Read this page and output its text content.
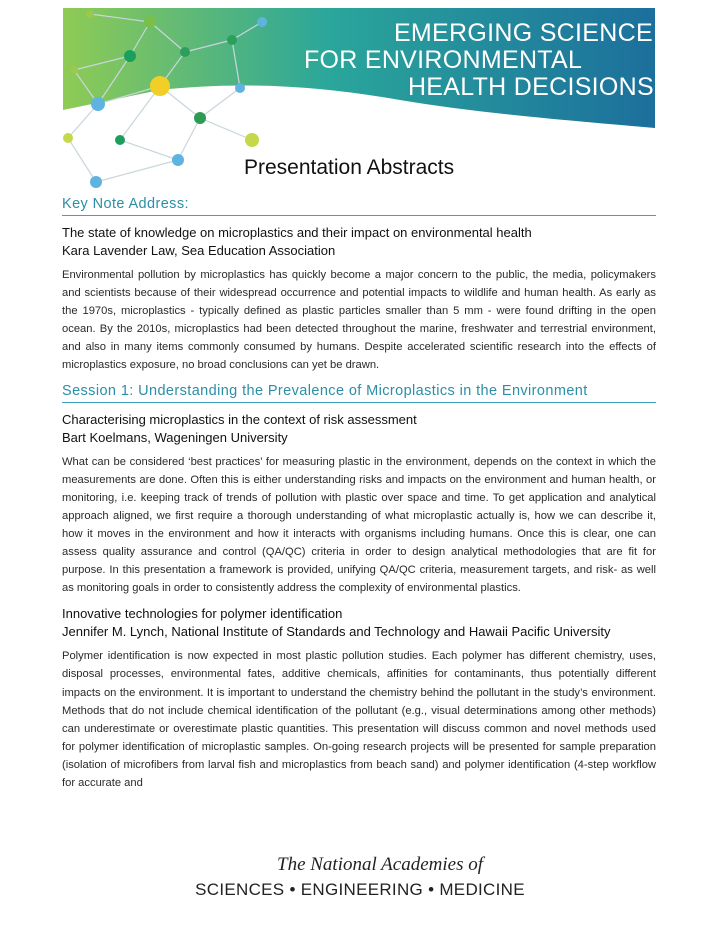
EMERGING SCIENCE
FOR ENVIRONMENTAL
HEALTH DECISIONS
Presentation Abstracts
Key Note Address:
The state of knowledge on microplastics and their impact on environmental health
Kara Lavender Law, Sea Education Association

Environmental pollution by microplastics has quickly become a major concern to the public, the media, policymakers and scientists because of their widespread occurrence and potential impacts to wildlife and human health. As early as the 1970s, microplastics - typically defined as plastic particles smaller than 5 mm - were found drifting in the open ocean. By the 2010s, microplastics had been detected throughout the marine, freshwater and terrestrial environment, and also in many items commonly consumed by humans. Despite accelerated scientific research into the effects of microplastics exposure, no broad conclusions can yet be drawn.

Session 1: Understanding the Prevalence of Microplastics in the Environment
Characterising microplastics in the context of risk assessment
Bart Koelmans, Wageningen University

What can be considered ‘best practices’ for measuring plastic in the environment, depends on the context in which the measurements are done. Often this is either understanding risks and impacts on the environment and human health, or monitoring, i.e. keeping track of trends of pollution with plastic over space and time. To get application and analytical approach aligned, we first require a thorough understanding of what microplastic actually is, how we can describe it, how it moves in the environment and how it interacts with organisms including humans. Once this is clear, one can assess quality assurance and control (QA/QC) criteria in order to design analytical methodologies that are fit for purpose. In this presentation a framework is provided, unifying QA/QC criteria, measurement targets, and risk- as well as monitoring goals in order to consistently address the complexity of environmental plastics.

Innovative technologies for polymer identification
Jennifer M. Lynch, National Institute of Standards and Technology and Hawaii Pacific University

Polymer identification is now expected in most plastic pollution studies. Each polymer has different chemistry, uses, disposal processes, environmental fates, additive chemicals, affinities for contaminants, thus potentially different impacts on the environment. It is important to understand the chemistry behind the pollutant in the study’s environment. Methods that do not include chemical identification of the pollutant (e.g., visual determinations among other methods) can underestimate or overestimate plastic quantities. This presentation will discuss common and novel methods used for polymer identification of microplastic samples. On-going research projects will be presented for sample preparation (isolation of microfibers from larval fish and microplastics from beach sand) and polymer identification (4-step workflow for accurate and

The National Academies of
SCIENCES • ENGINEERING • MEDICINE
